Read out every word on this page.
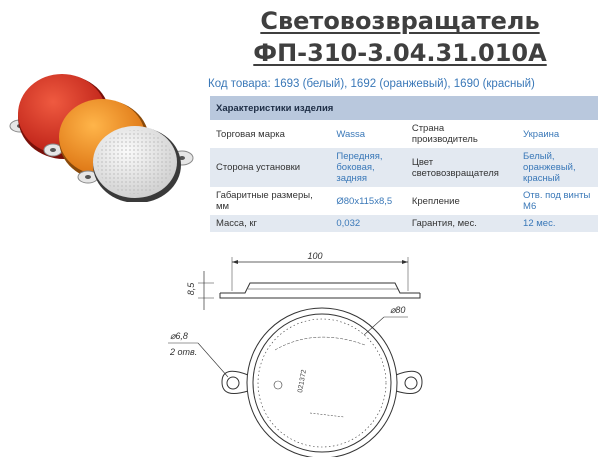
Световозвращатель
ФП-310-3.04.31.010А
Код товара: 1693 (белый), 1692 (оранжевый), 1690 (красный)
Характеристики изделия			
Торговая марка	Wassa	Страна производитель	Украина
Сторона установки	Передняя, боковая, задняя	Цвет световозвращателя	Белый, оранжевый, красный
Габаритные размеры, мм	Ø80x115x8,5	Крепление	Отв. под винты М6
Масса, кг	0,032	Гарантия, мес.	12 мес.
100
8,5
⌀80
⌀6,8
2 отв.
021372
